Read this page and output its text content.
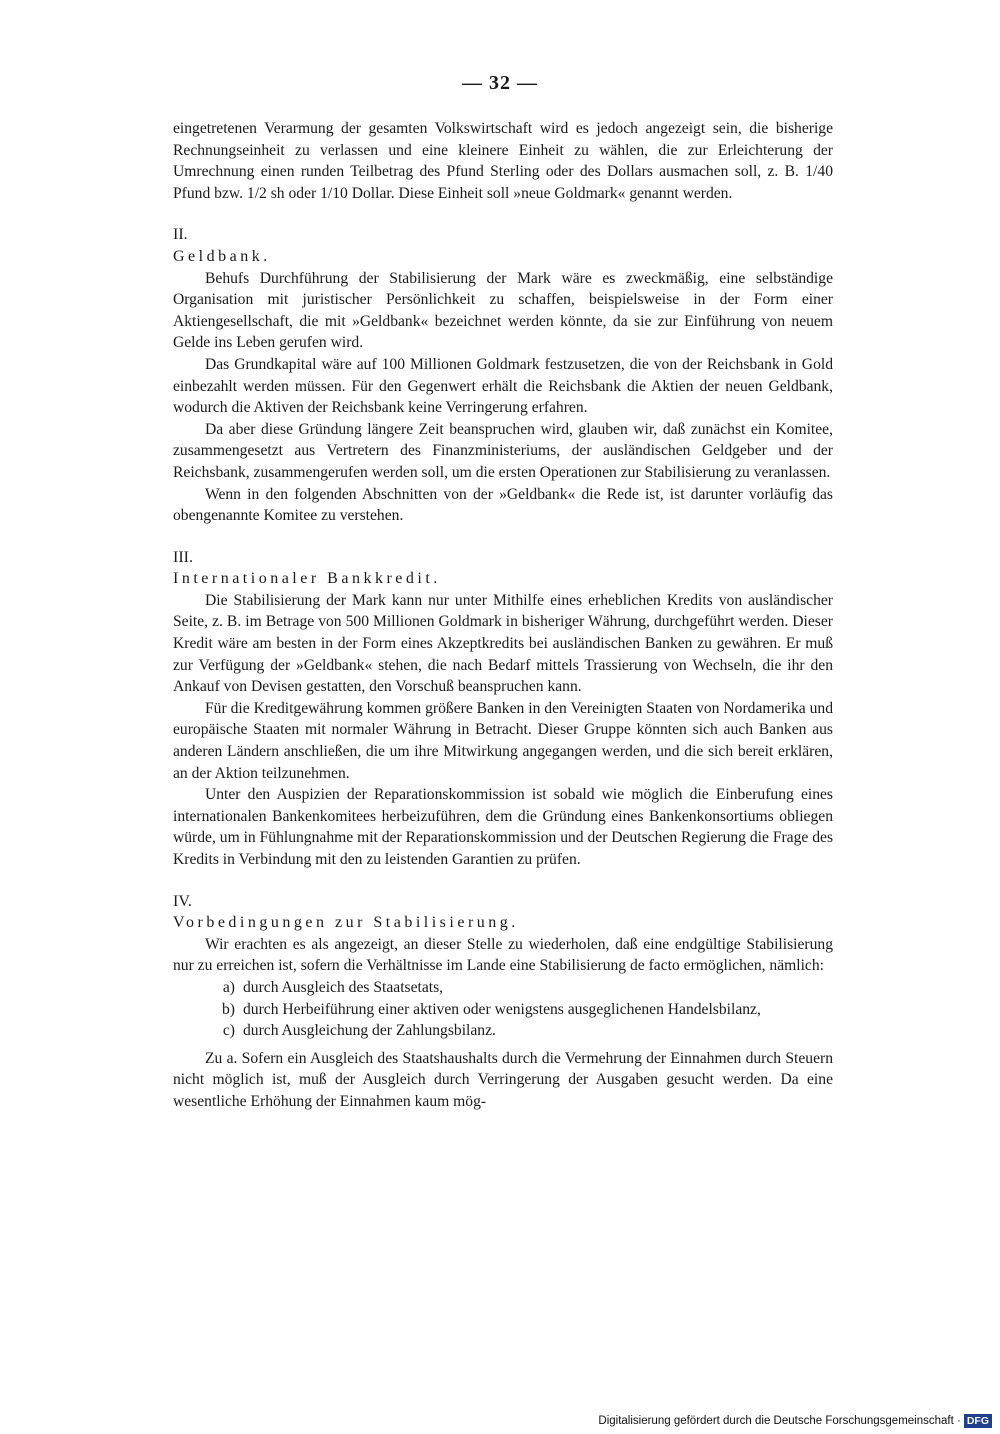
— 32 —

eingetretenen Verarmung der gesamten Volkswirtschaft wird es jedoch angezeigt sein, die bisherige Rechnungseinheit zu verlassen und eine kleinere Einheit zu wählen, die zur Erleichterung der Umrechnung einen runden Teilbetrag des Pfund Sterling oder des Dollars ausmachen soll, z. B. 1/40 Pfund bzw. 1/2 sh oder 1/10 Dollar. Diese Einheit soll »neue Goldmark« genannt werden.

II.

Geldbank.

Behufs Durchführung der Stabilisierung der Mark wäre es zweckmäßig, eine selbständige Organisation mit juristischer Persönlichkeit zu schaffen, beispielsweise in der Form einer Aktiengesellschaft, die mit »Geldbank« bezeichnet werden könnte, da sie zur Einführung von neuem Gelde ins Leben gerufen wird.

Das Grundkapital wäre auf 100 Millionen Goldmark festzusetzen, die von der Reichsbank in Gold einbezahlt werden müssen. Für den Gegenwert erhält die Reichsbank die Aktien der neuen Geldbank, wodurch die Aktiven der Reichsbank keine Verringerung erfahren.

Da aber diese Gründung längere Zeit beanspruchen wird, glauben wir, daß zunächst ein Komitee, zusammengesetzt aus Vertretern des Finanzministeriums, der ausländischen Geldgeber und der Reichsbank, zusammengerufen werden soll, um die ersten Operationen zur Stabilisierung zu veranlassen.

Wenn in den folgenden Abschnitten von der »Geldbank« die Rede ist, ist darunter vorläufig das obengenannte Komitee zu verstehen.

III.

Internationaler Bankkredit.

Die Stabilisierung der Mark kann nur unter Mithilfe eines erheblichen Kredits von ausländischer Seite, z. B. im Betrage von 500 Millionen Goldmark in bisheriger Währung, durchgeführt werden. Dieser Kredit wäre am besten in der Form eines Akzeptkredits bei ausländischen Banken zu gewähren. Er muß zur Verfügung der »Geldbank« stehen, die nach Bedarf mittels Trassierung von Wechseln, die ihr den Ankauf von Devisen gestatten, den Vorschuß beanspruchen kann.

Für die Kreditgewährung kommen größere Banken in den Vereinigten Staaten von Nordamerika und europäische Staaten mit normaler Währung in Betracht. Dieser Gruppe könnten sich auch Banken aus anderen Ländern anschließen, die um ihre Mitwirkung angegangen werden, und die sich bereit erklären, an der Aktion teilzunehmen.

Unter den Auspizien der Reparationskommission ist sobald wie möglich die Einberufung eines internationalen Bankenkomitees herbeizuführen, dem die Gründung eines Bankenkonsortiums obliegen würde, um in Fühlungnahme mit der Reparationskommission und der Deutschen Regierung die Frage des Kredits in Verbindung mit den zu leistenden Garantien zu prüfen.

IV.

Vorbedingungen zur Stabilisierung.

Wir erachten es als angezeigt, an dieser Stelle zu wiederholen, daß eine endgültige Stabilisierung nur zu erreichen ist, sofern die Verhältnisse im Lande eine Stabilisierung de facto ermöglichen, nämlich:

a) durch Ausgleich des Staatsetats,
b) durch Herbeiführung einer aktiven oder wenigstens ausgeglichenen Handelsbilanz,
c) durch Ausgleichung der Zahlungsbilanz.

Zu a. Sofern ein Ausgleich des Staatshaushalts durch die Vermehrung der Einnahmen durch Steuern nicht möglich ist, muß der Ausgleich durch Verringerung der Ausgaben gesucht werden. Da eine wesentliche Erhöhung der Einnahmen kaum mög-

Digitalisierung gefördert durch die Deutsche Forschungsgemeinschaft · DFG
